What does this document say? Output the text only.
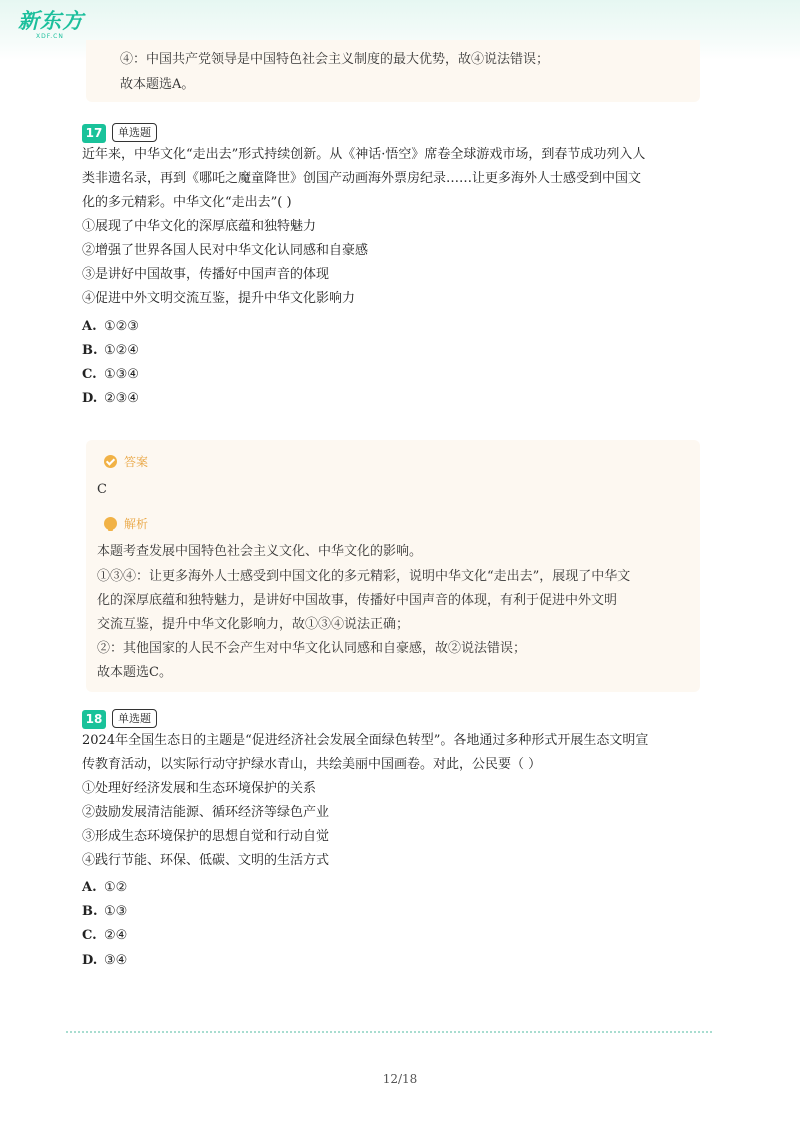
新东方
XDF.CN
④：中国共产党领导是中国特色社会主义制度的最大优势，故④说法错误；
故本题选A。
17	单选题
近年来，中华文化“走出去”形式持续创新。从《神话·悟空》席卷全球游戏市场，到春节成功列入人
类非遗名录，再到《哪吒之魔童降世》创国产动画海外票房纪录……让更多海外人士感受到中国文
化的多元精彩。中华文化“走出去”( )
①展现了中华文化的深厚底蕴和独特魅力
②增强了世界各国人民对中华文化认同感和自豪感
③是讲好中国故事，传播好中国声音的体现
④促进中外文明交流互鉴，提升中华文化影响力
A. ①②③
B. ①②④
C. ①③④
D. ②③④
答案
C
解析
本题考查发展中国特色社会主义文化、中华文化的影响。
①③④：让更多海外人士感受到中国文化的多元精彩，说明中华文化“走出去”，展现了中华文
化的深厚底蕴和独特魅力，是讲好中国故事，传播好中国声音的体现，有利于促进中外文明
交流互鉴，提升中华文化影响力，故①③④说法正确；
②：其他国家的人民不会产生对中华文化认同感和自豪感，故②说法错误；
故本题选C。
18	单选题
2024年全国生态日的主题是“促进经济社会发展全面绿色转型”。各地通过多种形式开展生态文明宣
传教育活动，以实际行动守护绿水青山，共绘美丽中国画卷。对此，公民要（ ）
①处理好经济发展和生态环境保护的关系
②鼓励发展清洁能源、循环经济等绿色产业
③形成生态环境保护的思想自觉和行动自觉
④践行节能、环保、低碳、文明的生活方式
A. ①②
B. ①③
C. ②④
D. ③④
12/18
